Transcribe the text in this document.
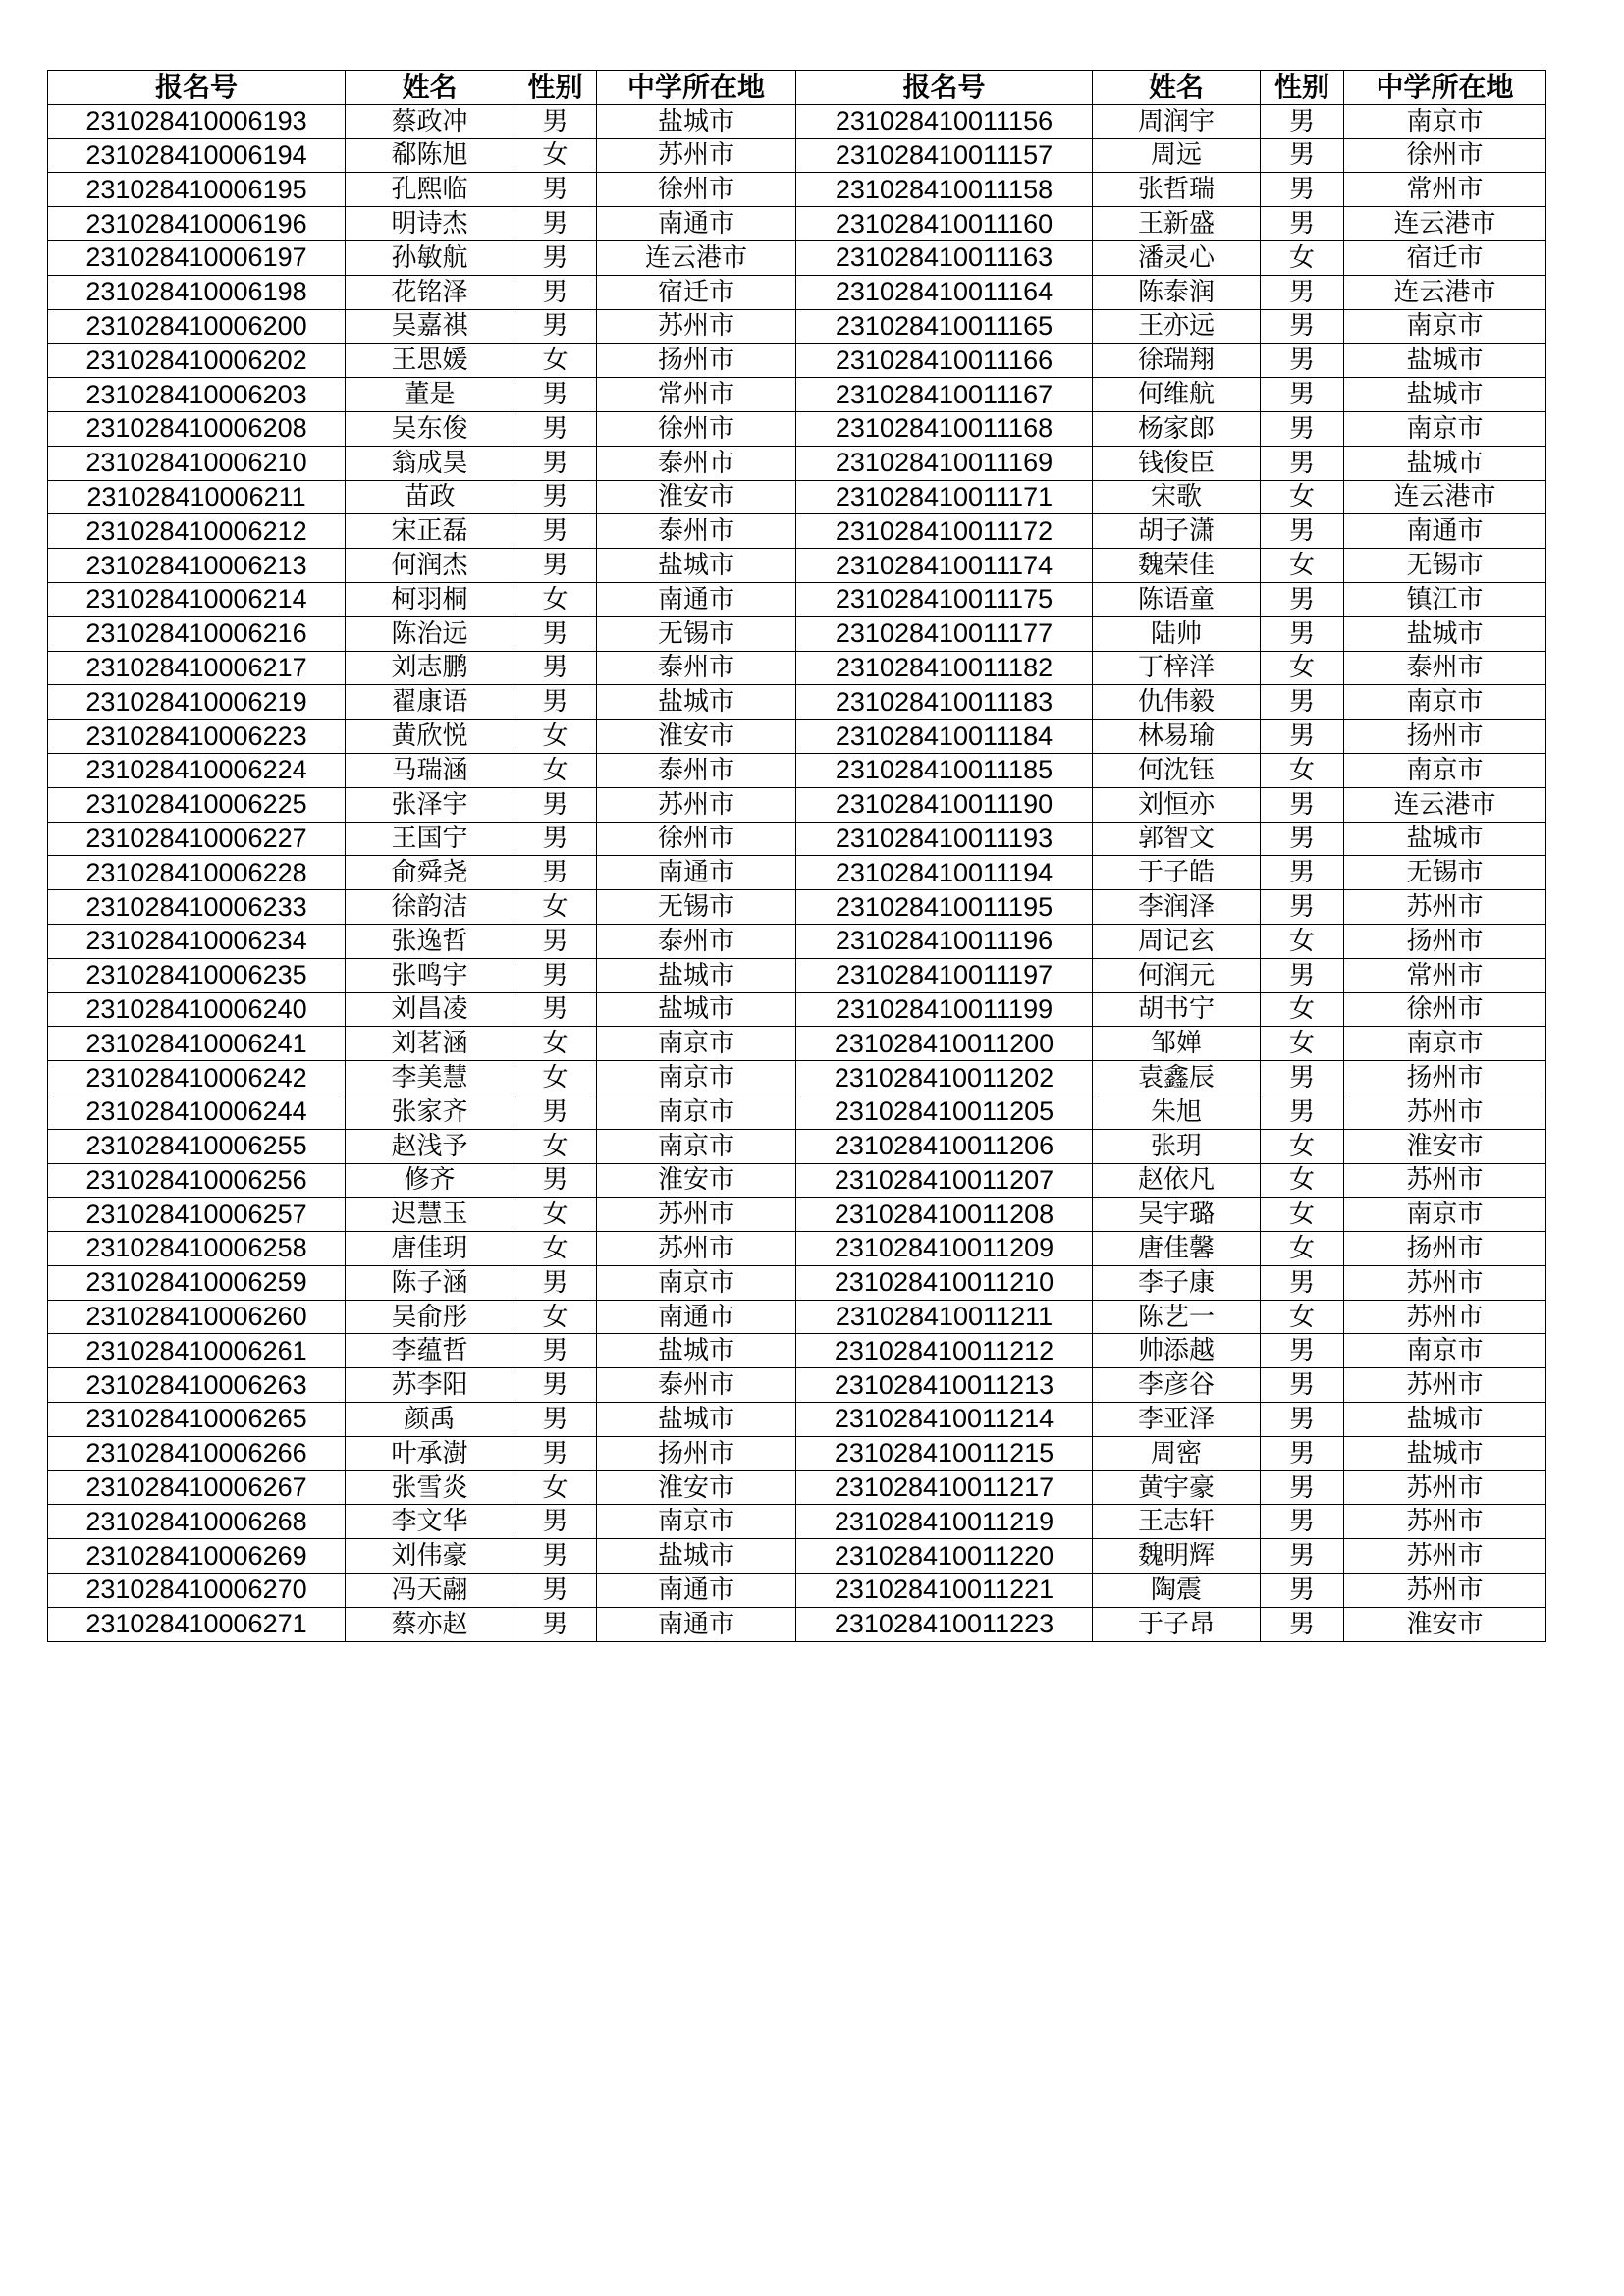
报名号	姓名	性别	中学所在地	报名号	姓名	性别	中学所在地
231028410006193	蔡政冲	男	盐城市	231028410011156	周润宇	男	南京市
231028410006194	郗陈旭	女	苏州市	231028410011157	周远	男	徐州市
231028410006195	孔熙临	男	徐州市	231028410011158	张哲瑞	男	常州市
231028410006196	明诗杰	男	南通市	231028410011160	王新盛	男	连云港市
231028410006197	孙敏航	男	连云港市	231028410011163	潘灵心	女	宿迁市
231028410006198	花铭泽	男	宿迁市	231028410011164	陈泰润	男	连云港市
231028410006200	吴嘉祺	男	苏州市	231028410011165	王亦远	男	南京市
231028410006202	王思媛	女	扬州市	231028410011166	徐瑞翔	男	盐城市
231028410006203	董是	男	常州市	231028410011167	何维航	男	盐城市
231028410006208	吴东俊	男	徐州市	231028410011168	杨家郎	男	南京市
231028410006210	翁成昊	男	泰州市	231028410011169	钱俊臣	男	盐城市
231028410006211	苗政	男	淮安市	231028410011171	宋歌	女	连云港市
231028410006212	宋正磊	男	泰州市	231028410011172	胡子潇	男	南通市
231028410006213	何润杰	男	盐城市	231028410011174	魏荣佳	女	无锡市
231028410006214	柯羽桐	女	南通市	231028410011175	陈语童	男	镇江市
231028410006216	陈治远	男	无锡市	231028410011177	陆帅	男	盐城市
231028410006217	刘志鹏	男	泰州市	231028410011182	丁梓洋	女	泰州市
231028410006219	翟康语	男	盐城市	231028410011183	仇伟毅	男	南京市
231028410006223	黄欣悦	女	淮安市	231028410011184	林易瑜	男	扬州市
231028410006224	马瑞涵	女	泰州市	231028410011185	何沈钰	女	南京市
231028410006225	张泽宇	男	苏州市	231028410011190	刘恒亦	男	连云港市
231028410006227	王国宁	男	徐州市	231028410011193	郭智文	男	盐城市
231028410006228	俞舜尧	男	南通市	231028410011194	于子皓	男	无锡市
231028410006233	徐韵洁	女	无锡市	231028410011195	李润泽	男	苏州市
231028410006234	张逸哲	男	泰州市	231028410011196	周记玄	女	扬州市
231028410006235	张鸣宇	男	盐城市	231028410011197	何润元	男	常州市
231028410006240	刘昌凌	男	盐城市	231028410011199	胡书宁	女	徐州市
231028410006241	刘茗涵	女	南京市	231028410011200	邹婵	女	南京市
231028410006242	李美慧	女	南京市	231028410011202	袁鑫辰	男	扬州市
231028410006244	张家齐	男	南京市	231028410011205	朱旭	男	苏州市
231028410006255	赵浅予	女	南京市	231028410011206	张玥	女	淮安市
231028410006256	修齐	男	淮安市	231028410011207	赵依凡	女	苏州市
231028410006257	迟慧玉	女	苏州市	231028410011208	吴宇璐	女	南京市
231028410006258	唐佳玥	女	苏州市	231028410011209	唐佳馨	女	扬州市
231028410006259	陈子涵	男	南京市	231028410011210	李子康	男	苏州市
231028410006260	吴俞彤	女	南通市	231028410011211	陈艺一	女	苏州市
231028410006261	李蕴哲	男	盐城市	231028410011212	帅添越	男	南京市
231028410006263	苏李阳	男	泰州市	231028410011213	李彦谷	男	苏州市
231028410006265	颜禹	男	盐城市	231028410011214	李亚泽	男	盐城市
231028410006266	叶承澍	男	扬州市	231028410011215	周密	男	盐城市
231028410006267	张雪炎	女	淮安市	231028410011217	黄宇豪	男	苏州市
231028410006268	李文华	男	南京市	231028410011219	王志轩	男	苏州市
231028410006269	刘伟豪	男	盐城市	231028410011220	魏明辉	男	苏州市
231028410006270	冯天翮	男	南通市	231028410011221	陶震	男	苏州市
231028410006271	蔡亦赵	男	南通市	231028410011223	于子昂	男	淮安市
